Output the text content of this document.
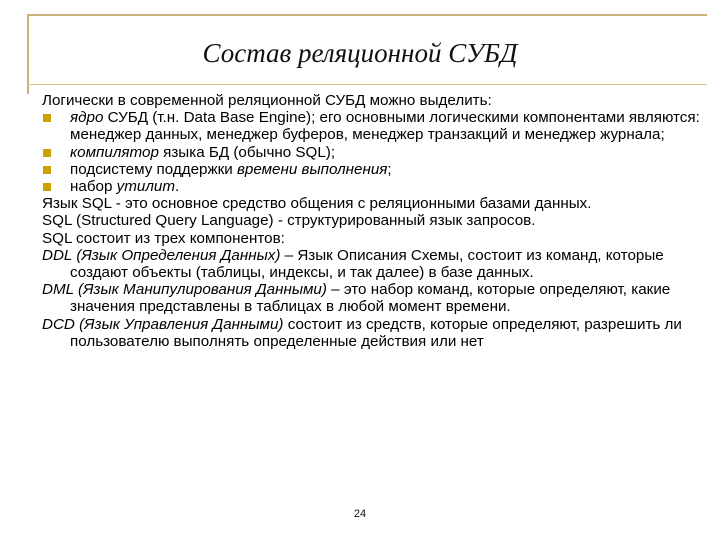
Состав реляционной СУБД
Логически в современной реляционной СУБД можно выделить:
ядро СУБД (т.н. Data Base Engine); его основными логическими компонентами являются: менеджер данных, менеджер буферов, менеджер транзакций и менеджер журнала;
компилятор языка БД (обычно SQL);
подсистему поддержки времени выполнения;
набор утилит.
Язык SQL - это основное средство общения с реляционными базами данных.
SQL (Structured Query Language) - структурированный язык запросов.
SQL состоит из трех компонентов:
DDL (Язык Определения Данных) – Язык Описания Схемы, состоит из команд, которые создают объекты (таблицы, индексы, и так далее) в базе данных.
DML (Язык Манипулирования Данными) – это набор команд, которые определяют, какие значения представлены в таблицах в любой момент времени.
DCD (Язык Управления Данными) состоит из средств, которые определяют, разрешить ли пользователю выполнять определенные действия или нет
24
